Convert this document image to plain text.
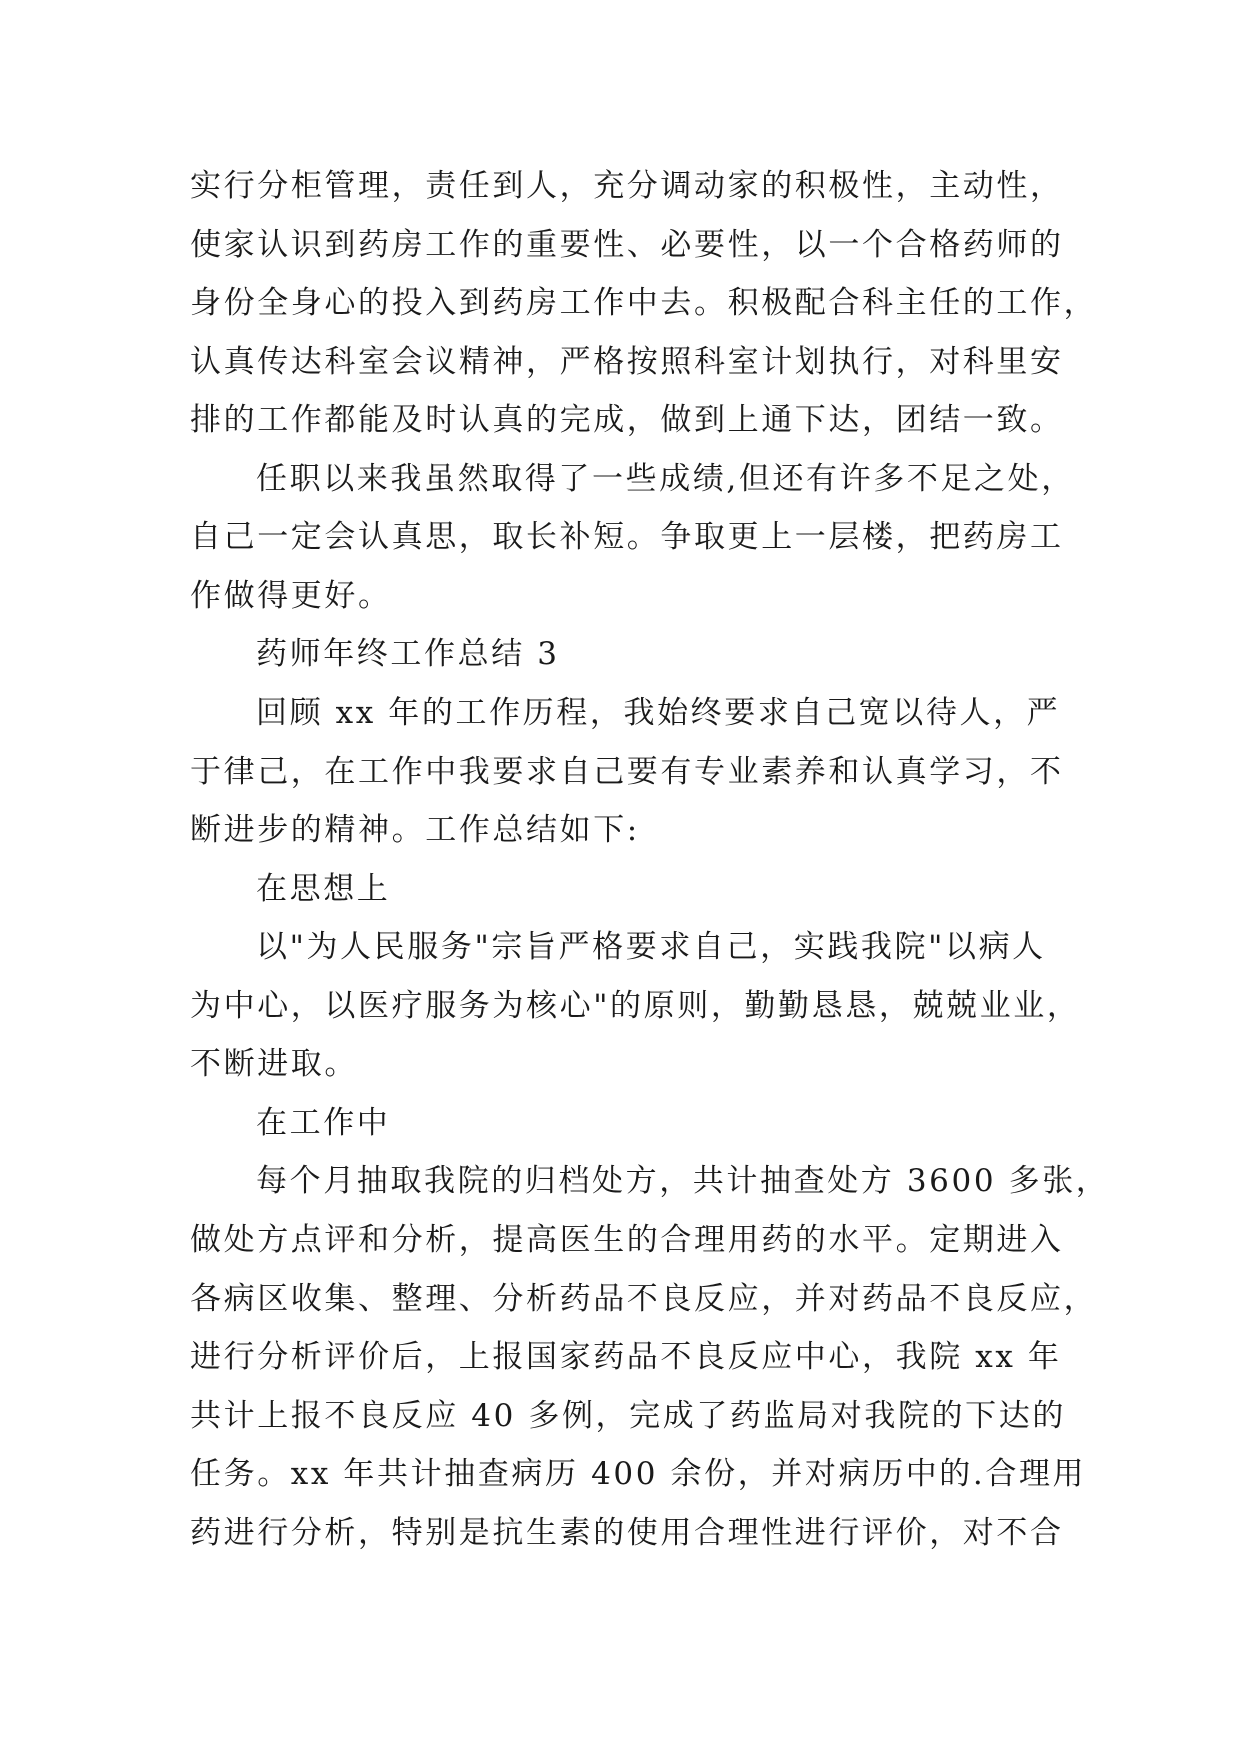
实行分柜管理，责任到人，充分调动家的积极性，主动性，
使家认识到药房工作的重要性、必要性，以一个合格药师的
身份全身心的投入到药房工作中去。积极配合科主任的工作，
认真传达科室会议精神，严格按照科室计划执行，对科里安
排的工作都能及时认真的完成，做到上通下达，团结一致。
任职以来我虽然取得了一些成绩,但还有许多不足之处，
自己一定会认真思，取长补短。争取更上一层楼，把药房工
作做得更好。
药师年终工作总结 3
回顾 xx 年的工作历程，我始终要求自己宽以待人，严
于律己，在工作中我要求自己要有专业素养和认真学习，不
断进步的精神。工作总结如下:
在思想上
以"为人民服务"宗旨严格要求自己，实践我院"以病人
为中心，以医疗服务为核心"的原则，勤勤恳恳，兢兢业业，
不断进取。
在工作中
每个月抽取我院的归档处方，共计抽查处方 3600 多张，
做处方点评和分析，提高医生的合理用药的水平。定期进入
各病区收集、整理、分析药品不良反应，并对药品不良反应，
进行分析评价后，上报国家药品不良反应中心，我院 xx 年
共计上报不良反应 40 多例，完成了药监局对我院的下达的
任务。xx 年共计抽查病历 400 余份，并对病历中的.合理用
药进行分析，特别是抗生素的使用合理性进行评价，对不合
